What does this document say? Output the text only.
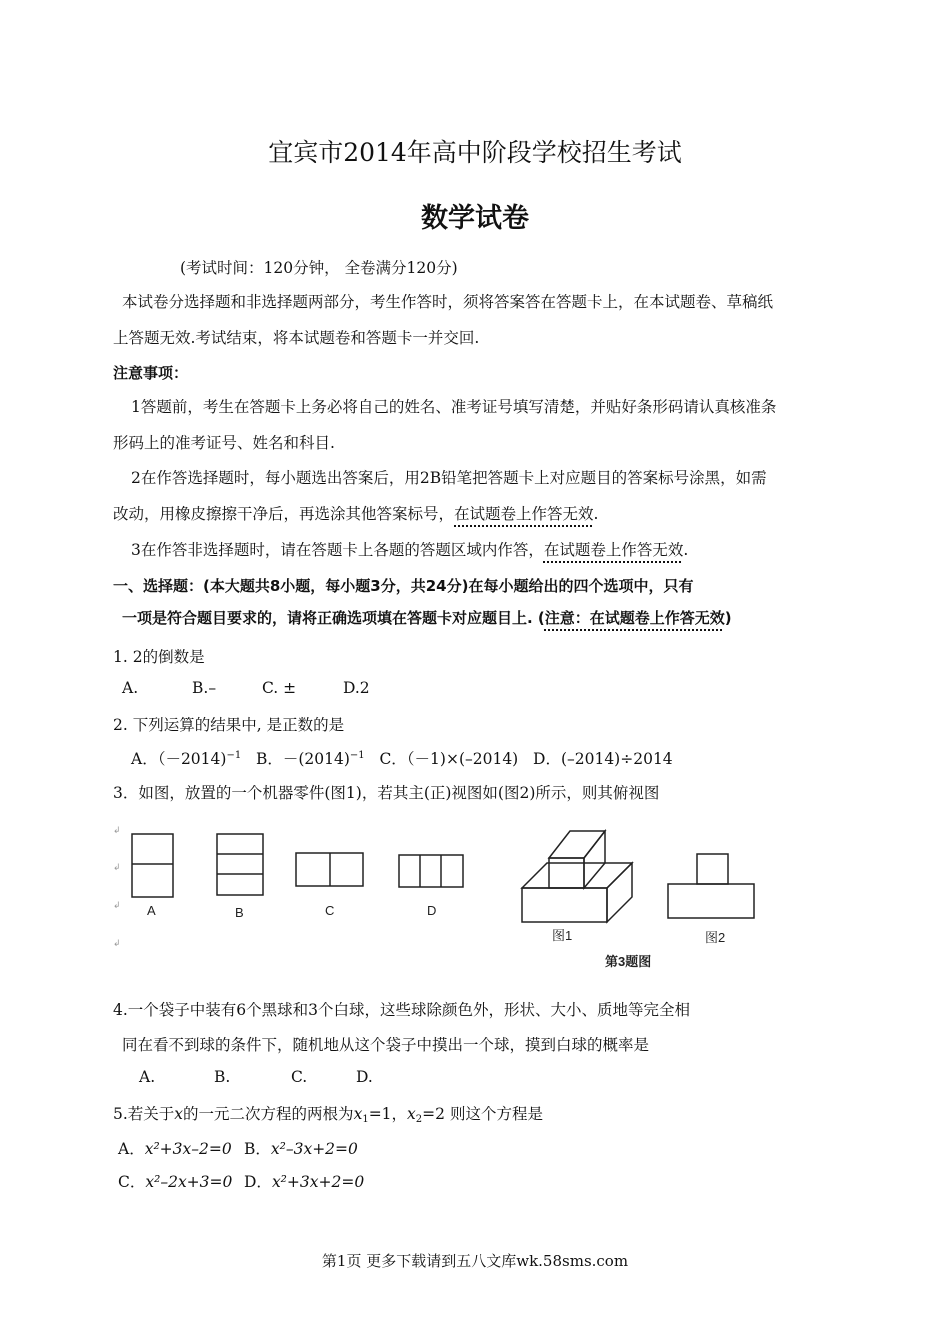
宜宾市2014年高中阶段学校招生考试
数学试卷
(考试时间：120分钟， 全卷满分120分)
本试卷分选择题和非选择题两部分，考生作答时，须将答案答在答题卡上，在本试题卷、草稿纸
上答题无效.考试结束，将本试题卷和答题卡一并交回.
注意事项：
1答题前，考生在答题卡上务必将自己的姓名、准考证号填写清楚，并贴好条形码请认真核准条
形码上的准考证号、姓名和科目.
2在作答选择题时，每小题选出答案后，用2B铅笔把答题卡上对应题目的答案标号涂黑，如需
改动，用橡皮擦擦干净后，再选涂其他答案标号，在试题卷上作答无效.
3在作答非选择题时，请在答题卡上各题的答题区域内作答，在试题卷上作答无效.
一、选择题：(本大题共8小题，每小题3分，共24分)在每小题给出的四个选项中，只有
一项是符合题目要求的，请将正确选项填在答题卡对应题目上. (注意：在试题卷上作答无效)
1. 2的倒数是
A.	B.–	C. ±	D.2
2. 下列运算的结果中, 是正数的是
A．（－2014)$^{-1}$ B．$-(2014)^{-1}$ C．（－1)×(–2014) D．(–2014)÷2014
3．如图，放置的一个机器零件(图1)，若其主(正)视图如(图2)所示，则其俯视图
A	B	C	D
图1	图2
第3题图
↲
↲
↲
↲
4.一个袋子中装有6个黑球和3个白球，这些球除颜色外，形状、大小、质地等完全相
同在看不到球的条件下，随机地从这个袋子中摸出一个球，摸到白球的概率是
A.	B.	C.	D.
5.若关于x的一元二次方程的两根为$x_1=1$，$x_2=2$ 则这个方程是
A．x²+3x–2=0 B．x²–3x+2=0
C．x²–2x+3=0 D．x²+3x+2=0
第1页 更多下载请到五八文库wk.58sms.com
